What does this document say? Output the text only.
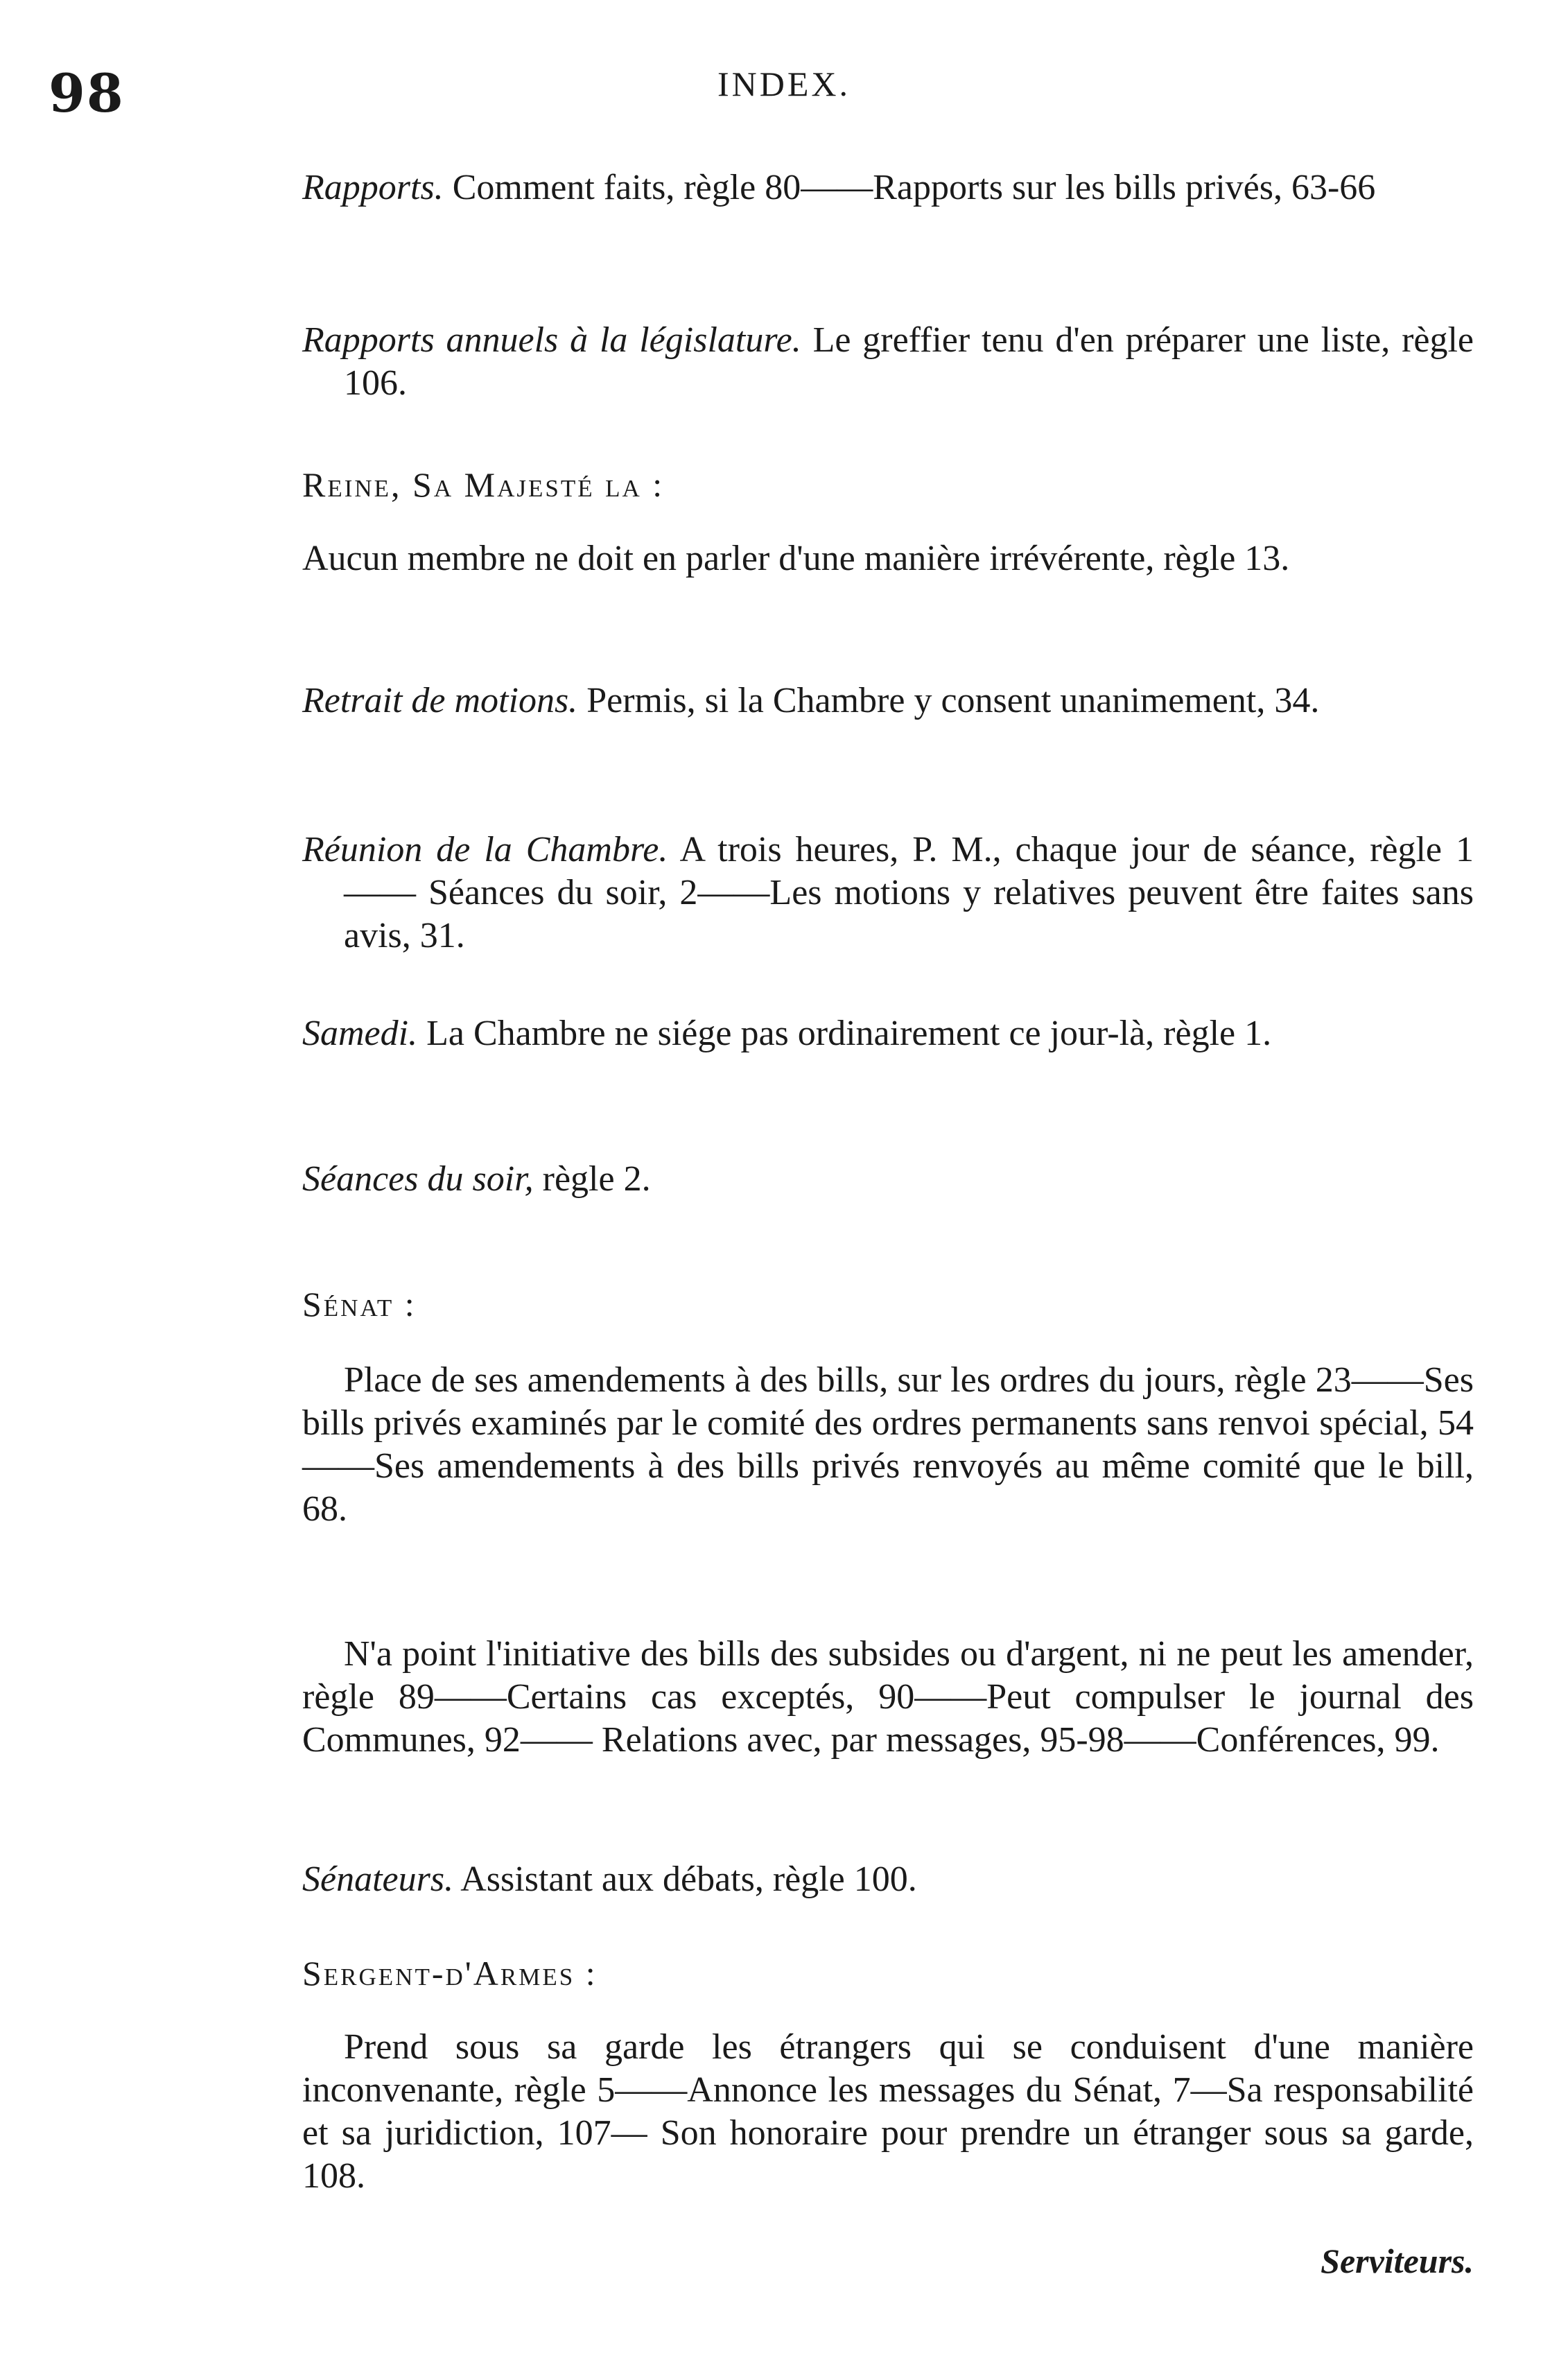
98	INDEX.
Rapports. Comment faits, règle 80——Rapports sur les bills privés, 63-66
Rapports annuels à la législature. Le greffier tenu d'en préparer une liste, règle 106.
Reine, Sa Majesté la :
Aucun membre ne doit en parler d'une manière irrévérente, règle 13.
Retrait de motions. Permis, si la Chambre y consent unanimement, 34.
Réunion de la Chambre. A trois heures, P. M., chaque jour de séance, règle 1—— Séances du soir, 2——Les motions y relatives peuvent être faites sans avis, 31.
Samedi. La Chambre ne siége pas ordinairement ce jour-là, règle 1.
Séances du soir, règle 2.
Sénat :
Place de ses amendements à des bills, sur les ordres du jours, règle 23——Ses bills privés examinés par le comité des ordres permanents sans renvoi spécial, 54——Ses amendements à des bills privés renvoyés au même comité que le bill, 68.
N'a point l'initiative des bills des subsides ou d'argent, ni ne peut les amender, règle 89——Certains cas exceptés, 90——Peut compulser le journal des Communes, 92—— Relations avec, par messages, 95-98——Conférences, 99.
Sénateurs. Assistant aux débats, règle 100.
Sergent-d'Armes :
Prend sous sa garde les étrangers qui se conduisent d'une manière inconvenante, règle 5——Annonce les messages du Sénat, 7—Sa responsabilité et sa juridiction, 107— Son honoraire pour prendre un étranger sous sa garde, 108.
Serviteurs.
